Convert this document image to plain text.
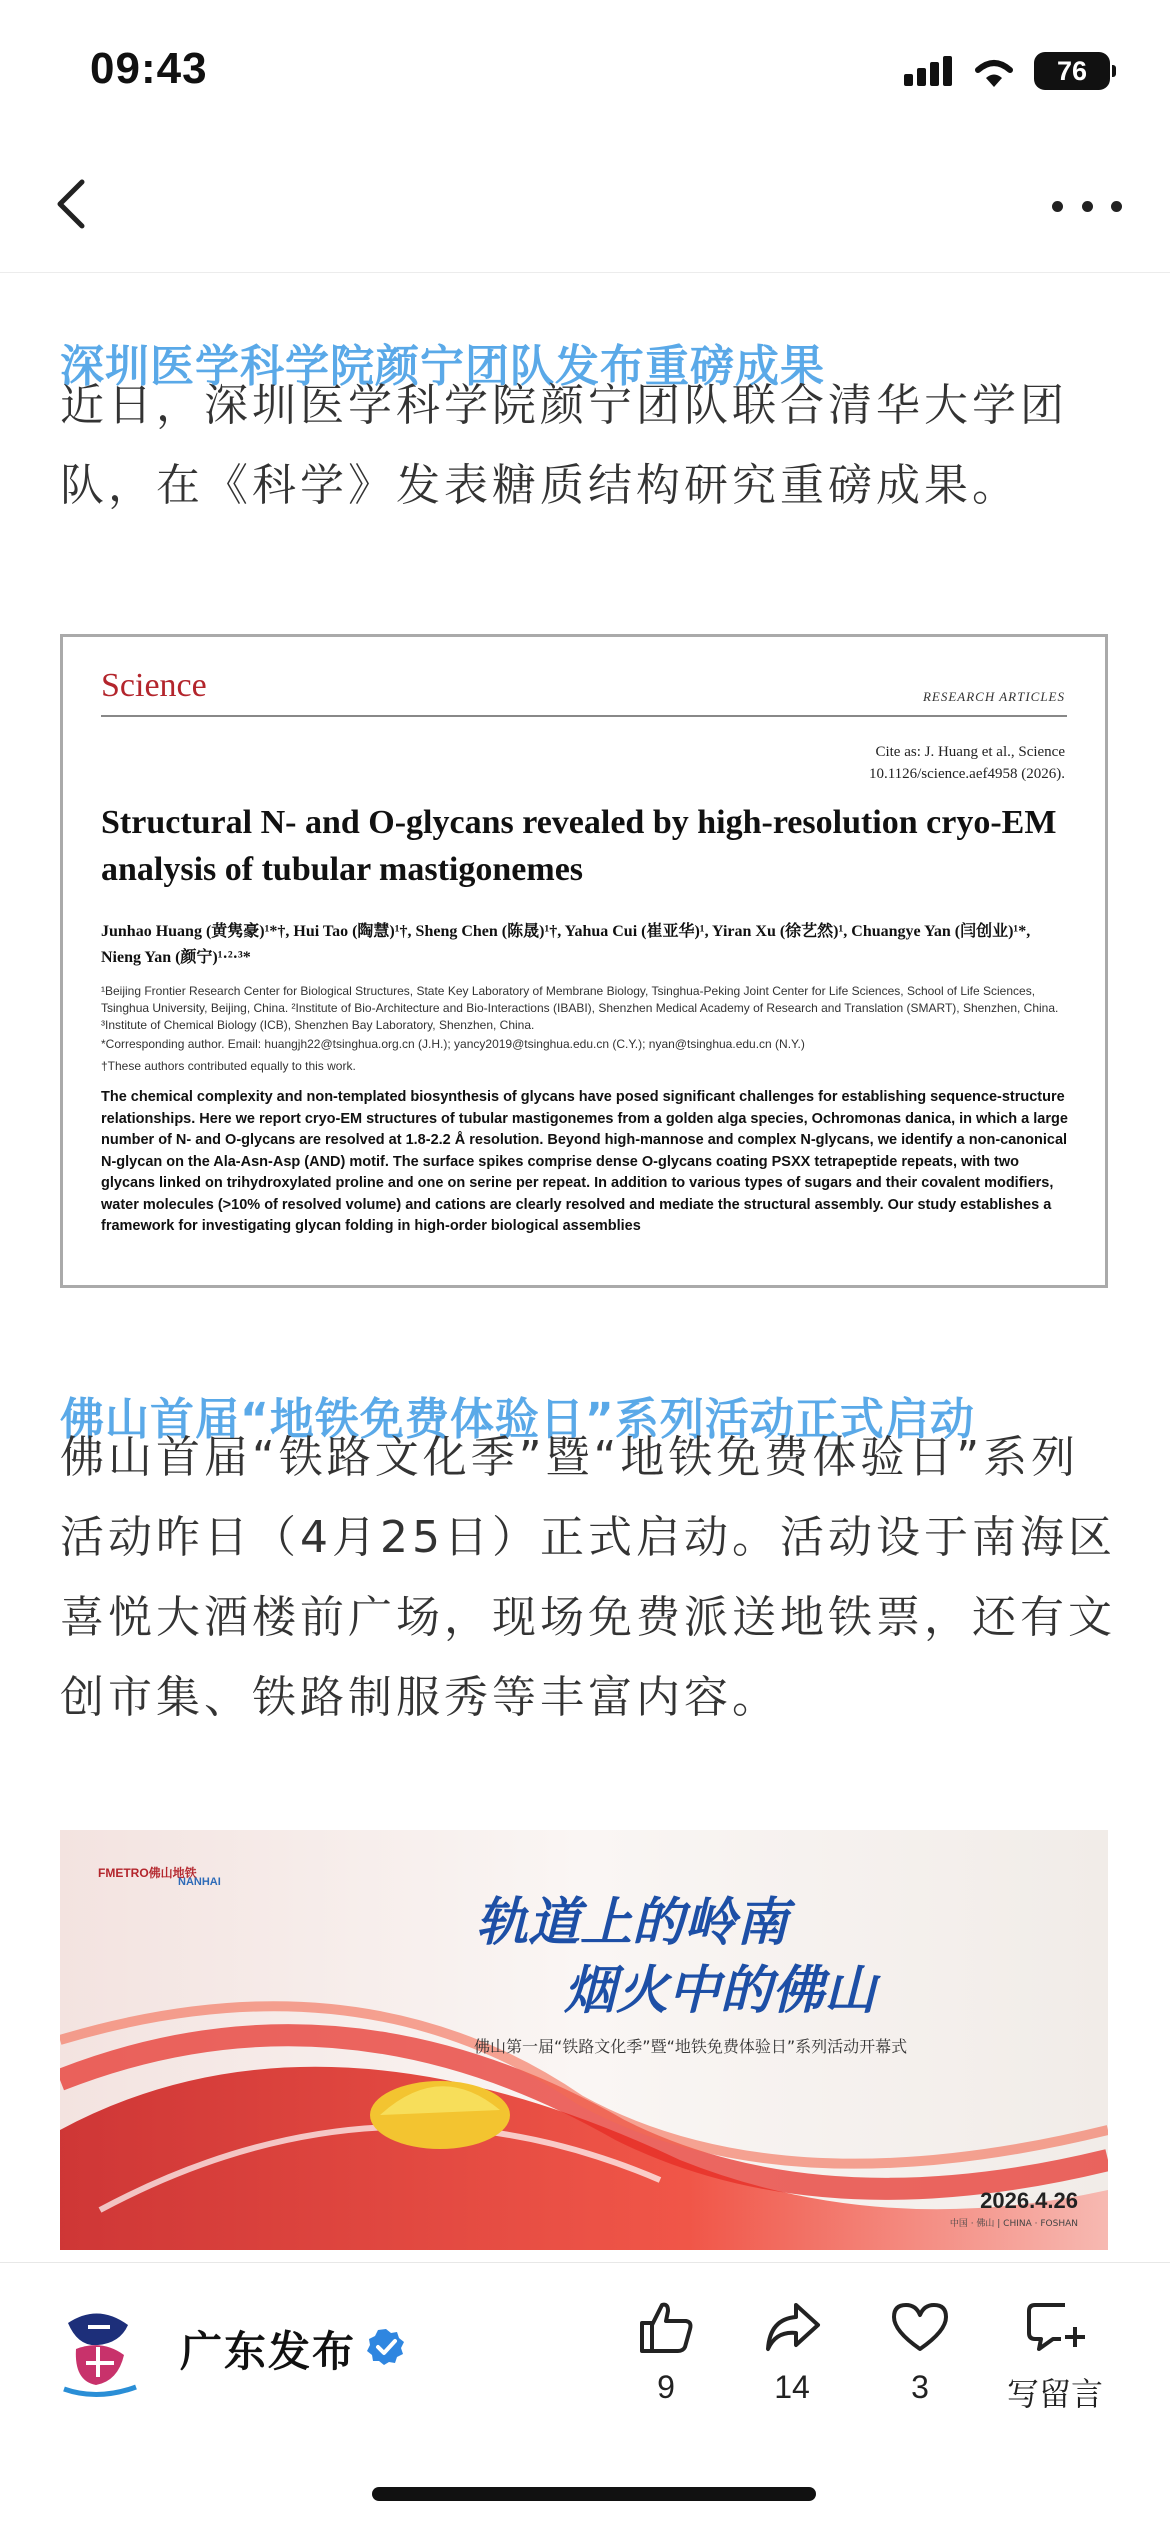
09:43	76
深圳医学科学院颜宁团队发布重磅成果
近日，深圳医学科学院颜宁团队联合清华大学团队，在《科学》发表糖质结构研究重磅成果。
Science	RESEARCH ARTICLES
Cite as: J. Huang et al., Science
10.1126/science.aef4958 (2026).
Structural N- and O-glycans revealed by high-resolution cryo-EM analysis of tubular mastigonemes
Junhao Huang (黄隽豪)¹*†, Hui Tao (陶慧)¹†, Sheng Chen (陈晟)¹†, Yahua Cui (崔亚华)¹, Yiran Xu (徐艺然)¹, Chuangye Yan (闫创业)¹*, Nieng Yan (颜宁)¹·²·³*
¹Beijing Frontier Research Center for Biological Structures, State Key Laboratory of Membrane Biology, Tsinghua-Peking Joint Center for Life Sciences, School of Life Sciences, Tsinghua University, Beijing, China. ²Institute of Bio-Architecture and Bio-Interactions (IBABI), Shenzhen Medical Academy of Research and Translation (SMART), Shenzhen, China. ³Institute of Chemical Biology (ICB), Shenzhen Bay Laboratory, Shenzhen, China.
*Corresponding author. Email: huangjh22@tsinghua.org.cn (J.H.); yancy2019@tsinghua.edu.cn (C.Y.); nyan@tsinghua.edu.cn (N.Y.)
†These authors contributed equally to this work.
The chemical complexity and non-templated biosynthesis of glycans have posed significant challenges for establishing sequence-structure relationships. Here we report cryo-EM structures of tubular mastigonemes from a golden alga species, Ochromonas danica, in which a large number of N- and O-glycans are resolved at 1.8-2.2 Å resolution. Beyond high-mannose and complex N-glycans, we identify a non-canonical N-glycan on the Ala-Asn-Asp (AND) motif. The surface spikes comprise dense O-glycans coating PSXX tetrapeptide repeats, with two glycans linked on trihydroxylated proline and one on serine per repeat. In addition to various types of sugars and their covalent modifiers, water molecules (>10% of resolved volume) and cations are clearly resolved and mediate the structural assembly. Our study establishes a framework for investigating glycan folding in high-order biological assemblies
佛山首届“地铁免费体验日”系列活动正式启动
佛山首届“铁路文化季”暨“地铁免费体验日”系列活动昨日（4月25日）正式启动。活动设于南海区喜悦大酒楼前广场，现场免费派送地铁票，还有文创市集、铁路制服秀等丰富内容。
FMETRO佛山地铁
NANHAI
轨道上的岭南
烟火中的佛山
佛山第一届“铁路文化季”暨“地铁免费体验日”系列活动开幕式
2026.4.26
中国 · 佛山 | CHINA · FOSHAN
广东发布
9	14	3	写留言
